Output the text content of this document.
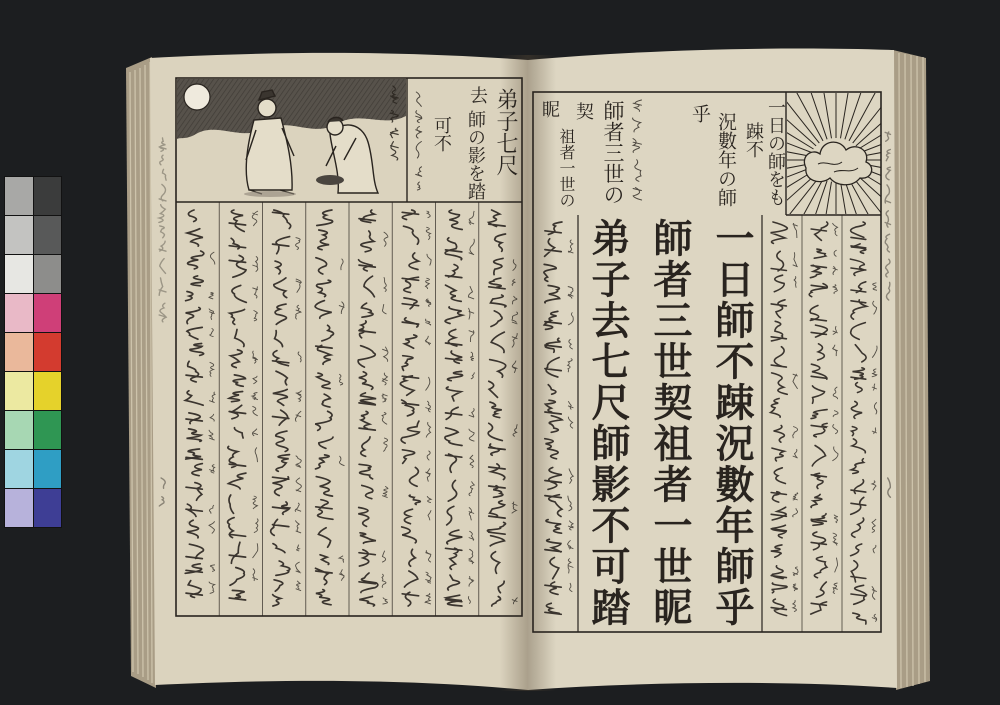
弟子七尺
去
師の影を踏
可不	一日の師をも
踈不
況數年の師
乎
師者三世の
契
祖者一世の
眤
一日師不踈況數年師乎
師者三世契祖者一世眤
弟子去七尺師影不可踏
